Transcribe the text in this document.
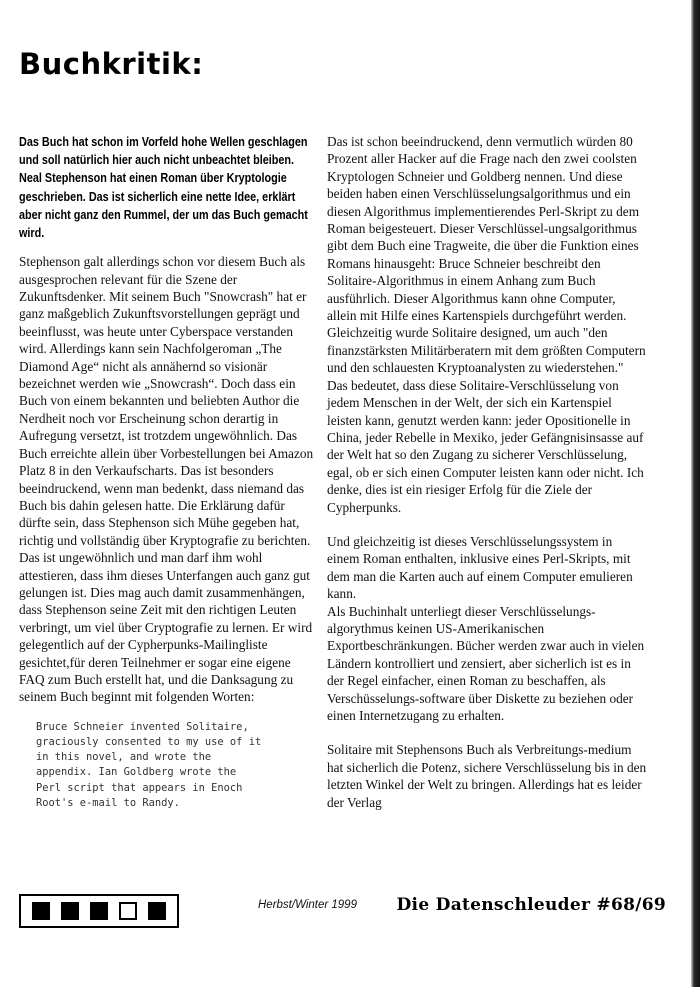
Buchkritik:

Das Buch hat schon im Vorfeld hohe Wellen geschlagen und soll natürlich hier auch nicht unbeachtet bleiben. Neal Stephenson hat einen Roman über Kryptologie geschrieben. Das ist sicherlich eine nette Idee, erklärt aber nicht ganz den Rummel, der um das Buch gemacht wird.

Stephenson galt allerdings schon vor diesem Buch als ausgesprochen relevant für die Szene der Zukunftsdenker. Mit seinem Buch "Snowcrash" hat er ganz maßgeblich Zukunftsvorstellungen geprägt und beeinflusst, was heute unter Cyberspace verstanden wird. Allerdings kann sein Nachfolgeroman „The Diamond Age“ nicht als annähernd so visionär bezeichnet werden wie „Snowcrash“. Doch dass ein Buch von einem bekannten und beliebten Author die Nerdheit noch vor Erscheinung schon derartig in Aufregung versetzt, ist trotzdem ungewöhnlich. Das Buch erreichte allein über Vorbestellungen bei Amazon Platz 8 in den Verkaufscharts. Das ist besonders beeindruckend, wenn man bedenkt, dass niemand das Buch bis dahin gelesen hatte. Die Erklärung dafür dürfte sein, dass Stephenson sich Mühe gegeben hat, richtig und vollständig über Kryptografie zu berichten. Das ist ungewöhnlich und man darf ihm wohl attestieren, dass ihm dieses Unterfangen auch ganz gut gelungen ist. Dies mag auch damit zusammenhängen, dass Stephenson seine Zeit mit den richtigen Leuten verbringt, um viel über Cryptografie zu lernen. Er wird gelegentlich auf der Cypherpunks-Mailingliste gesichtet,für deren Teilnehmer er sogar eine eigene FAQ zum Buch erstellt hat, und die Danksagung zu seinem Buch beginnt mit folgenden Worten:

Bruce Schneier invented Solitaire,
graciously consented to my use of it
in this novel, and wrote the
appendix. Ian Goldberg wrote the
Perl script that appears in Enoch
Root's e-mail to Randy.

Das ist schon beeindruckend, denn vermutlich würden 80 Prozent aller Hacker auf die Frage nach den zwei coolsten Kryptologen Schneier und Goldberg nennen. Und diese beiden haben einen Verschlüsselungsalgorithmus und ein diesen Algorithmus implementierendes Perl-Skript zu dem Roman beigesteuert. Dieser Verschlüssel-ungsalgorithmus gibt dem Buch eine Tragweite, die über die Funktion eines Romans hinausgeht: Bruce Schneier beschreibt den Solitaire-Algorithmus in einem Anhang zum Buch ausführlich. Dieser Algorithmus kann ohne Computer, allein mit Hilfe eines Kartenspiels durchgeführt werden. Gleichzeitig wurde Solitaire designed, um auch "den finanzstärksten Militärberatern mit dem größten Computern und den schlauesten Kryptoanalysten zu wiederstehen." Das bedeutet, dass diese Solitaire-Verschlüsselung von jedem Menschen in der Welt, der sich ein Kartenspiel leisten kann, genutzt werden kann: jeder Opositionelle in China, jeder Rebelle in Mexiko, jeder Gefängnisinsasse auf der Welt hat so den Zugang zu sicherer Verschlüsselung, egal, ob er sich einen Computer leisten kann oder nicht. Ich denke, dies ist ein riesiger Erfolg für die Ziele der Cypherpunks.

Und gleichzeitig ist dieses Verschlüsselungssystem in einem Roman enthalten, inklusive eines Perl-Skripts, mit dem man die Karten auch auf einem Computer emulieren kann.

Als Buchinhalt unterliegt dieser Verschlüsselungs-algorythmus keinen US-Amerikanischen Exportbeschränkungen. Bücher werden zwar auch in vielen Ländern kontrolliert und zensiert, aber sicherlich ist es in der Regel einfacher, einen Roman zu beschaffen, als Verschüsselungs-software über Diskette zu beziehen oder einen Internetzugang zu erhalten.

Solitaire mit Stephensons Buch als Verbreitungs-medium hat sicherlich die Potenz, sichere Verschlüsselung bis in den letzten Winkel der Welt zu bringen. Allerdings hat es leider der Verlag

Herbst/Winter 1999 Die Datenschleuder #68/69
